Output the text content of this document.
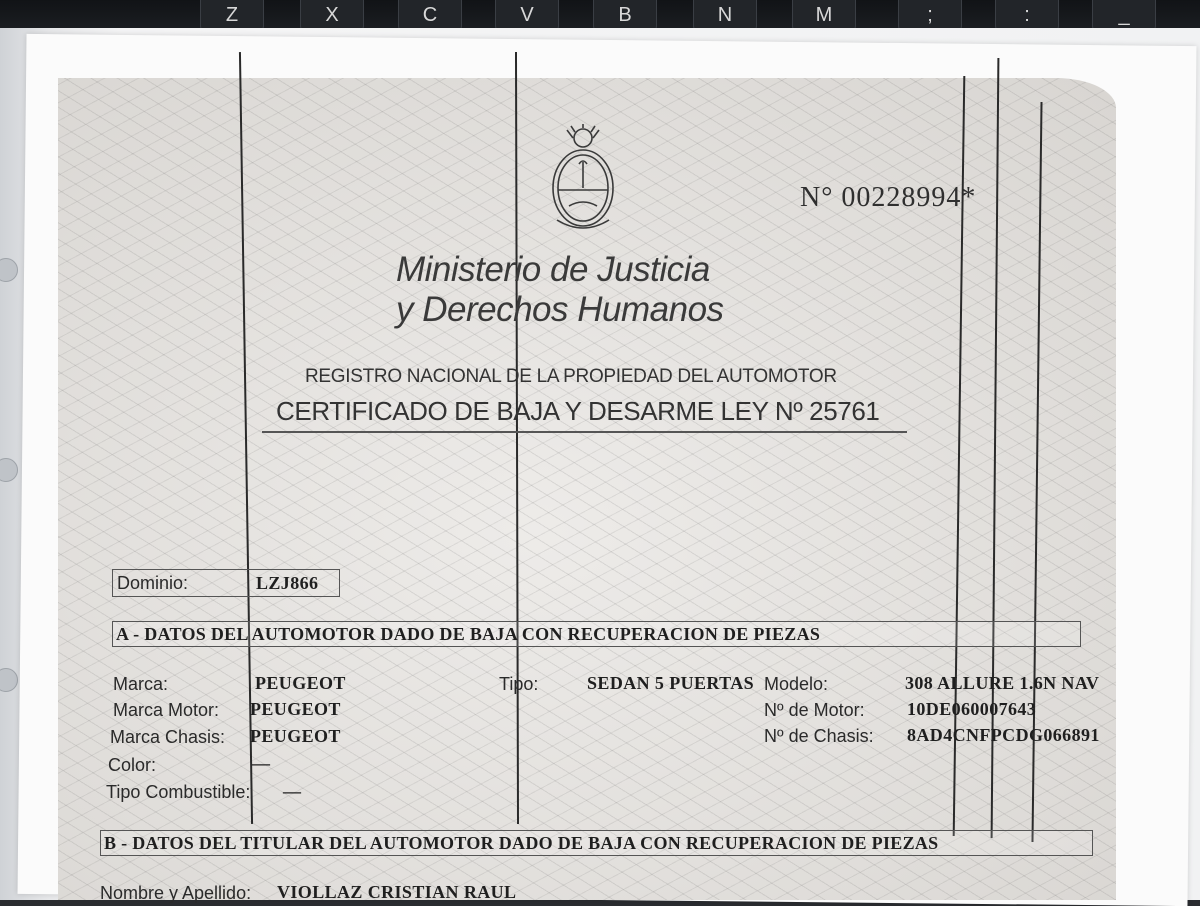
Z	X	C	V	B	N	M	;	:	_
N° 00228994*
Ministerio de Justicia
y Derechos Humanos
REGISTRO NACIONAL DE LA PROPIEDAD DEL AUTOMOTOR
CERTIFICADO DE BAJA Y DESARME LEY Nº 25761
Dominio:	LZJ866
A - DATOS DEL AUTOMOTOR DADO DE BAJA CON RECUPERACION DE PIEZAS
Marca:	PEUGEOT	Tipo:	SEDAN 5 PUERTAS Modelo:	308 ALLURE 1.6N NAV
Marca Motor: PEUGEOT	Nº de Motor: 10DE060007643
Marca Chasis: PEUGEOT	Nº de Chasis: 8AD4CNFPCDG066891
Color:	—
Tipo Combustible: —
B - DATOS DEL TITULAR DEL AUTOMOTOR DADO DE BAJA CON RECUPERACION DE PIEZAS
Nombre y Apellido: VIOLLAZ CRISTIAN RAUL
